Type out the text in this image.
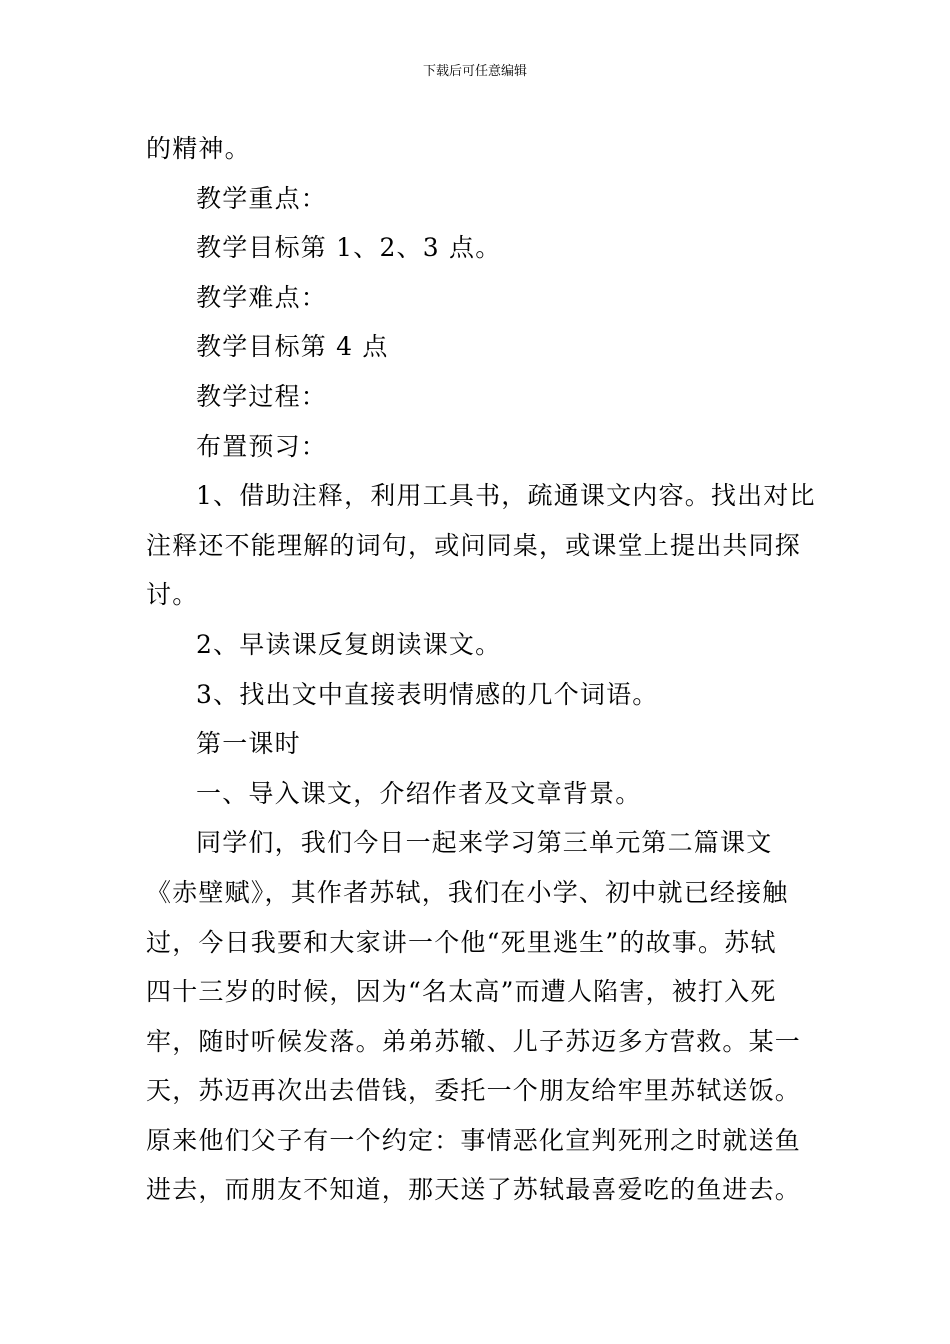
下载后可任意编辑

的精神。

教学重点：

教学目标第 1、2、3 点。

教学难点：

教学目标第 4 点

教学过程：

布置预习：

1、借助注释，利用工具书，疏通课文内容。找出对比

注释还不能理解的词句，或问同桌，或课堂上提出共同探

讨。

2、早读课反复朗读课文。

3、找出文中直接表明情感的几个词语。

第一课时

一、导入课文，介绍作者及文章背景。

同学们，我们今日一起来学习第三单元第二篇课文

《赤壁赋》，其作者苏轼，我们在小学、初中就已经接触

过，今日我要和大家讲一个他“死里逃生”的故事。苏轼

四十三岁的时候，因为“名太高”而遭人陷害，被打入死

牢，随时听候发落。弟弟苏辙、儿子苏迈多方营救。某一

天，苏迈再次出去借钱，委托一个朋友给牢里苏轼送饭。

原来他们父子有一个约定：事情恶化宣判死刑之时就送鱼

进去，而朋友不知道，那天送了苏轼最喜爱吃的鱼进去。
